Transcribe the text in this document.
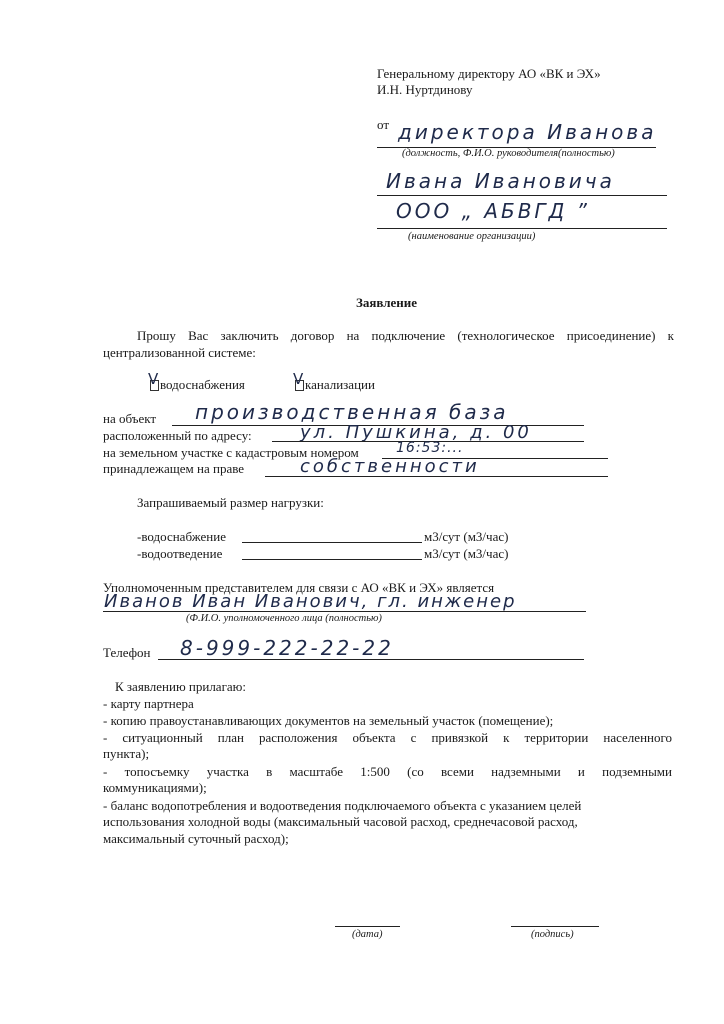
Генеральному директору АО «ВК и ЭХ»
И.Н. Нуртдинову
от директора Иванова
(должность, Ф.И.О. руководителя(полностью)
Ивана Ивановича
ООО „ АБВГД ”
(наименование организации)
Заявление
Прошу Вас заключить договор на подключение (технологическое присоединение) к
централизованной системе:
V водоснабжения	V канализации
на объект производственная база
расположенный по адресу:	ул. Пушкина, д. 00
на земельном участке с кадастровым номером	16:53:...
принадлежащем на праве	собственности
Запрашиваемый размер нагрузки:
-водоснабжение	м3/сут (м3/час)
-водоотведение	м3/сут (м3/час)
Уполномоченным представителем для связи с АО «ВК и ЭХ» является
Иванов Иван Иванович, гл. инженер
(Ф.И.О. уполномоченного лица (полностью)
Телефон 8-999-222-22-22
К заявлению прилагаю:
- карту партнера
- копию правоустанавливающих документов на земельный участок (помещение);
- ситуационный план расположения объекта с привязкой к территории населенного
пункта);
- топосъемку участка в масштабе 1:500 (со всеми надземными и подземными
коммуникациями);
- баланс водопотребления и водоотведения подключаемого объекта с указанием целей
использования холодной воды (максимальный часовой расход, среднечасовой расход,
максимальный суточный расход);
(дата)	(подпись)
